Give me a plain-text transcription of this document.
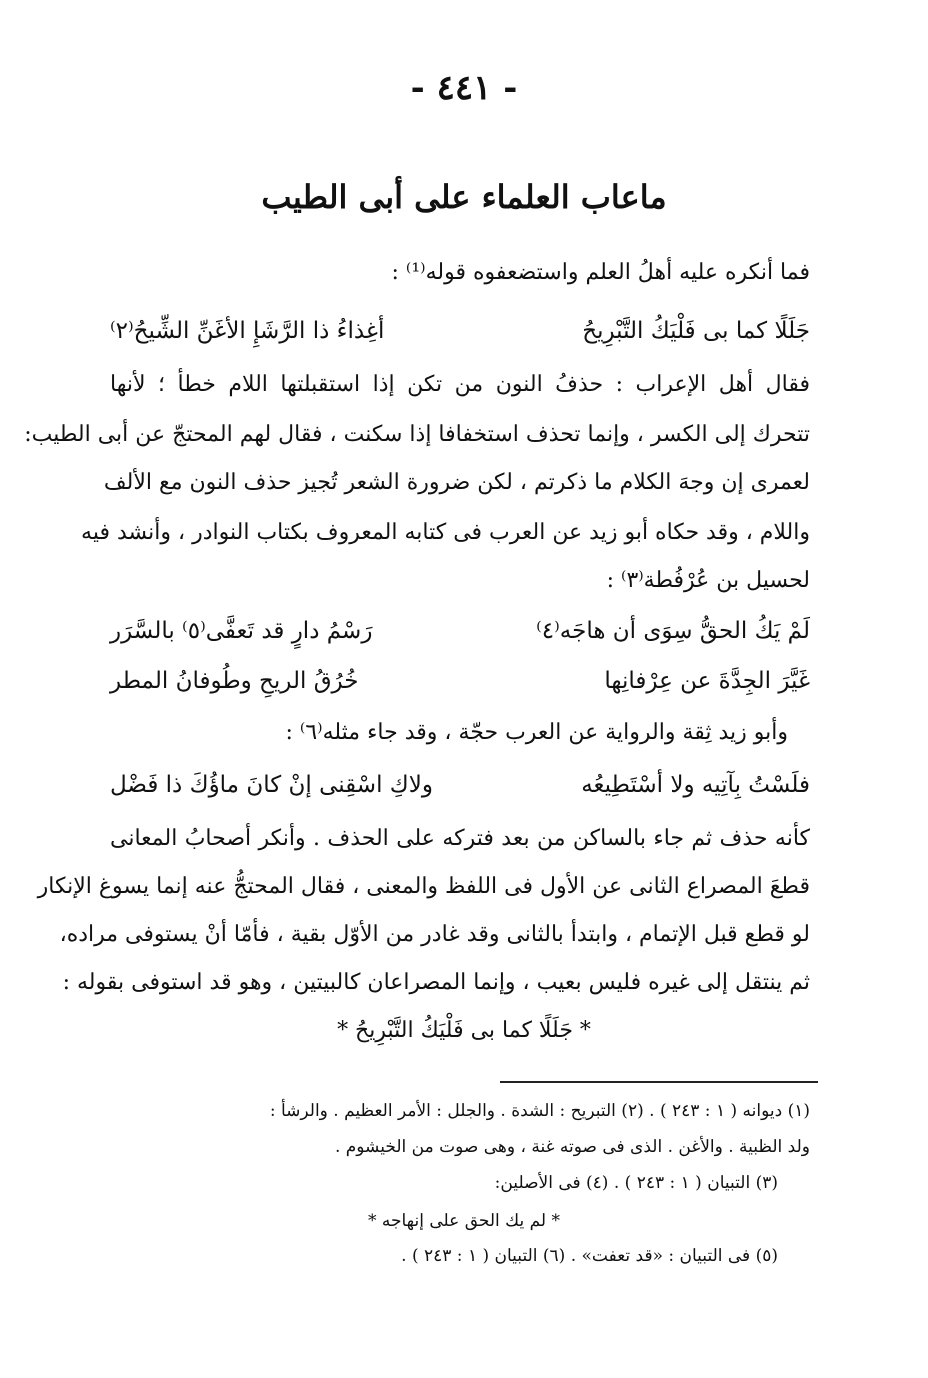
- ٤٤١ -
ماعاب العلماء على أبى الطيب

فما أنكره عليه أهلُ العلم واستضعفوه قوله⁽¹⁾ :

جَلَلًا كما بى فَلْيَكُ التَّبْرِيحُ
أغِذاءُ ذا الرَّشَإِ الأغَنِّ الشِّيحُ⁽٢⁾

فقال أهل الإعراب : حذفُ النون من تكن إذا استقبلتها اللام خطأ ؛ لأنها

تتحرك إلى الكسر ، وإنما تحذف استخفافا إذا سكنت ، فقال لهم المحتجّ عن أبى الطيب:

لعمرى إن وجهَ الكلام ما ذكرتم ، لكن ضرورة الشعر تُجيز حذف النون مع الألف

واللام ، وقد حكاه أبو زيد عن العرب فى كتابه المعروف بكتاب النوادر ، وأنشد فيه

لحسيل بن عُرْفُطة⁽٣⁾ :

لَمْ يَكُ الحقُّ سِوَى أن هاجَه⁽٤⁾
رَسْمُ دارٍ قد تَعفَّى⁽٥⁾ بالسَّرَر
غَيَّرَ الجِدَّةَ عن عِرْفانِها
خُرُقُ الريحِ وطُوفانُ المطر

وأبو زيد ثِقة والرواية عن العرب حجّة ، وقد جاء مثله⁽٦⁾ :

فلَسْتُ بِآتِيه ولا أسْتَطِيعُه
ولاكِ اسْقِنى إنْ كانَ ماؤُكَ ذا فَضْل

كأنه حذف ثم جاء بالساكن من بعد فتركه على الحذف . وأنكر أصحابُ المعانى

قطعَ المصراع الثانى عن الأول فى اللفظ والمعنى ، فقال المحتجُّ عنه إنما يسوغ الإنكار

لو قطع قبل الإتمام ، وابتدأ بالثانى وقد غادر من الأوّل بقية ، فأمّا أنْ يستوفى مراده،

ثم ينتقل إلى غيره فليس بعيب ، وإنما المصراعان كالبيتين ، وهو قد استوفى بقوله :

* جَلَلًا كما بى فَلْيَكُ التَّبْرِيحُ *

(١) ديوانه ( ١ : ٢٤٣ ) . (٢) التبريح : الشدة . والجلل : الأمر العظيم . والرشأ :
ولد الظبية . والأغن . الذى فى صوته غنة ، وهى صوت من الخيشوم .
(٣) التبيان ( ١ : ٢٤٣ ) . (٤) فى الأصلين:
* لم يك الحق على إنهاجه *
(٥) فى التبيان : «قد تعفت» . (٦) التبيان ( ١ : ٢٤٣ ) .
